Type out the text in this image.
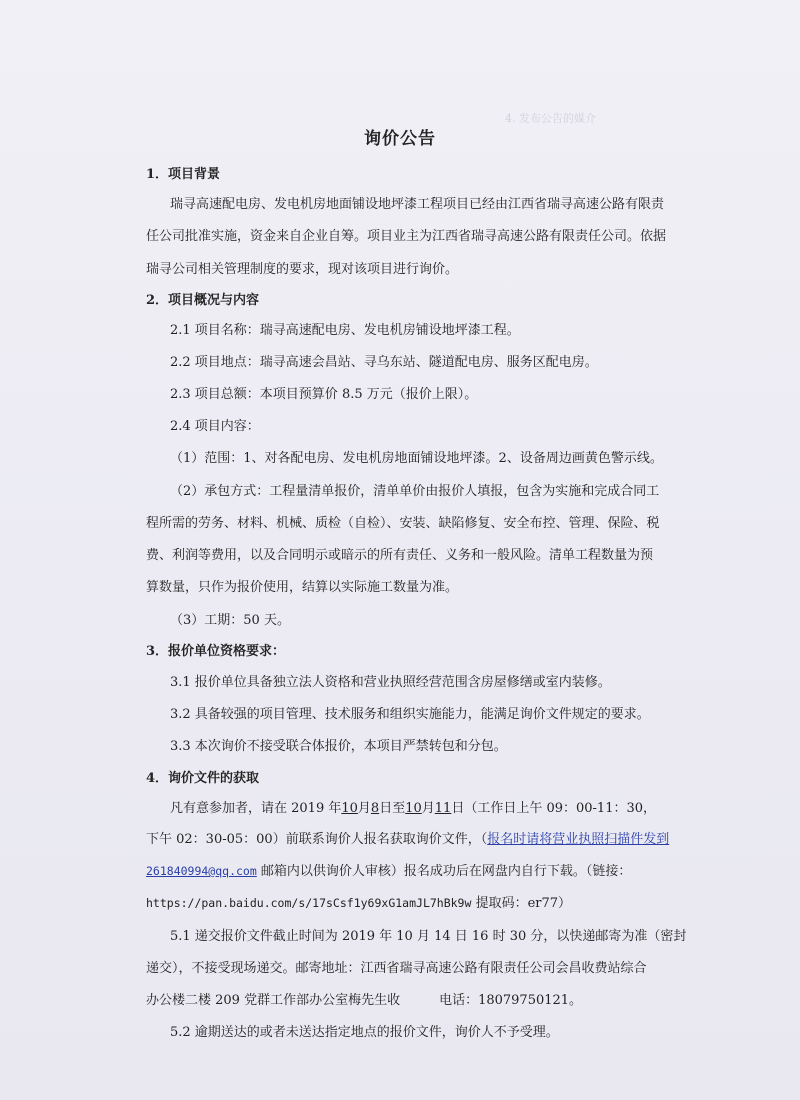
4. 发布公告的媒介
询价公告
1．项目背景
瑞寻高速配电房、发电机房地面铺设地坪漆工程项目已经由江西省瑞寻高速公路有限责
任公司批准实施，资金来自企业自筹。项目业主为江西省瑞寻高速公路有限责任公司。依据
瑞寻公司相关管理制度的要求，现对该项目进行询价。
2．项目概况与内容
2.1 项目名称：瑞寻高速配电房、发电机房铺设地坪漆工程。
2.2 项目地点：瑞寻高速会昌站、寻乌东站、隧道配电房、服务区配电房。
2.3 项目总额：本项目预算价 8.5 万元（报价上限）。
2.4 项目内容：
（1）范围：1、对各配电房、发电机房地面铺设地坪漆。2、设备周边画黄色警示线。
（2）承包方式：工程量清单报价，清单单价由报价人填报，包含为实施和完成合同工
程所需的劳务、材料、机械、质检（自检）、安装、缺陷修复、安全布控、管理、保险、税
费、利润等费用，以及合同明示或暗示的所有责任、义务和一般风险。清单工程数量为预
算数量，只作为报价使用，结算以实际施工数量为准。
（3）工期：50 天。
3．报价单位资格要求：
3.1 报价单位具备独立法人资格和营业执照经营范围含房屋修缮或室内装修。
3.2 具备较强的项目管理、技术服务和组织实施能力，能满足询价文件规定的要求。
3.3 本次询价不接受联合体报价，本项目严禁转包和分包。
4．询价文件的获取
凡有意参加者，请在 2019 年10月8日至10月11日（工作日上午 09：00-11：30，
下午 02：30-05：00）前联系询价人报名获取询价文件，（报名时请将营业执照扫描件发到
261840994@qq.com 邮箱内以供询价人审核）报名成功后在网盘内自行下载。（链接：
https://pan.baidu.com/s/17sCsf1y69xG1amJL7hBk9w 提取码：er77）
5.1 递交报价文件截止时间为 2019 年 10 月 14 日 16 时 30 分，以快递邮寄为准（密封
递交），不接受现场递交。邮寄地址：江西省瑞寻高速公路有限责任公司会昌收费站综合
办公楼二楼 209 党群工作部办公室梅先生收　　　电话：18079750121。
5.2 逾期送达的或者未送达指定地点的报价文件，询价人不予受理。
